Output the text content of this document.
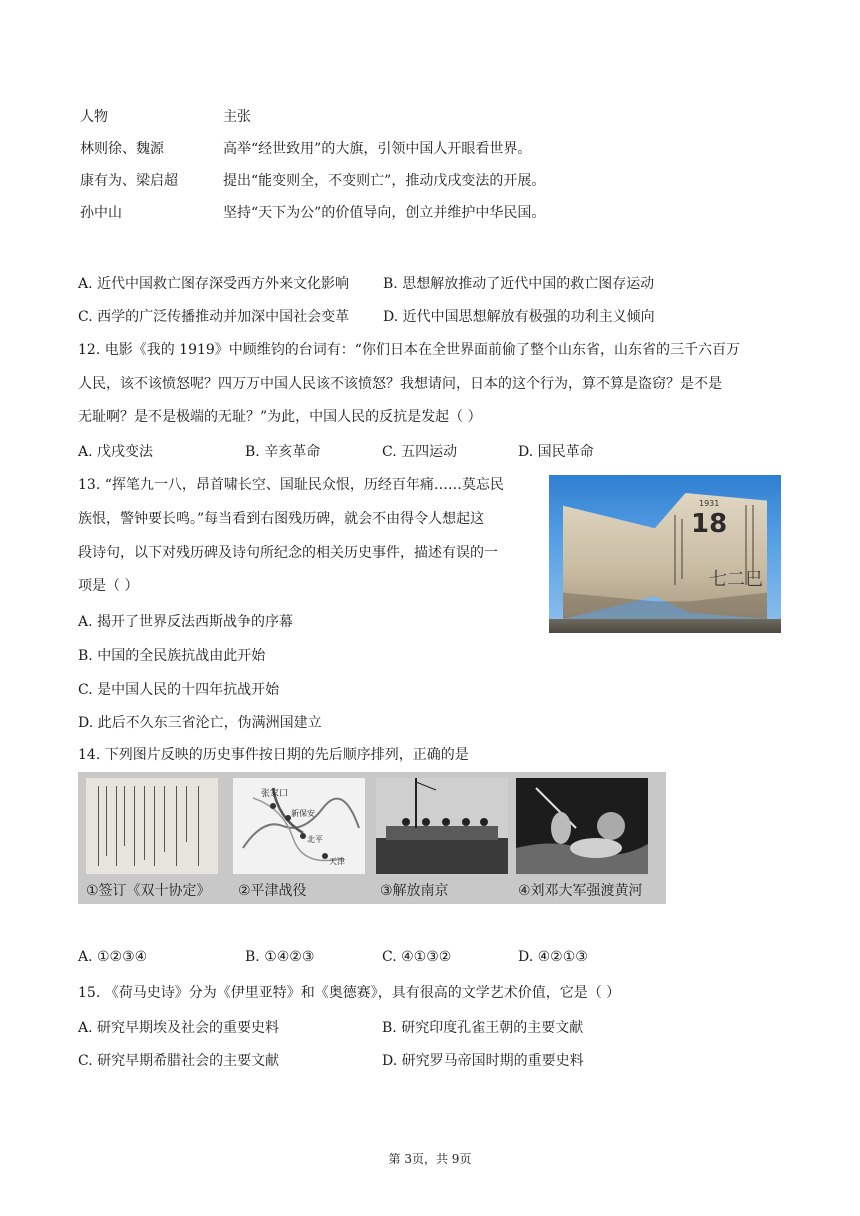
人物	主张
林则徐、魏源	高举“经世致用”的大旗，引领中国人开眼看世界。
康有为、梁启超	提出“能变则全，不变则亡”，推动戊戌变法的开展。
孙中山	坚持“天下为公”的价值导向，创立并维护中华民国。
A. 近代中国救亡图存深受西方外来文化影响 B. 思想解放推动了近代中国的救亡图存运动
C. 西学的广泛传播推动并加深中国社会变革 D. 近代中国思想解放有极强的功利主义倾向
12. 电影《我的 1919》中顾维钧的台词有：“你们日本在全世界面前偷了整个山东省，山东省的三千六百万
人民，该不该愤怒呢？四万万中国人民该不该愤怒？我想请问，日本的这个行为，算不算是盗窃？是不是
无耻啊？是不是极端的无耻？”为此，中国人民的反抗是发起（ ）
A. 戊戌变法	B. 辛亥革命	C. 五四运动	D. 国民革命
13. “挥笔九一八，昂首啸长空、国耻民众恨，历经百年痛……莫忘民
族恨，警钟要长鸣。”每当看到右图残历碑，就会不由得令人想起这
段诗句，以下对残历碑及诗句所纪念的相关历史事件，描述有误的一
项是（ ）
1931
18
七二巳
A. 揭开了世界反法西斯战争的序幕
B. 中国的全民族抗战由此开始
C. 是中国人民的十四年抗战开始
D. 此后不久东三省沦亡，伪满洲国建立
14. 下列图片反映的历史事件按日期的先后顺序排列，正确的是
张家口
新保安
北平
天津
①签订《双十协定》 ②平津战役	③解放南京	④刘邓大军强渡黄河
A. ①②③④	B. ①④②③	C. ④①③②	D. ④②①③
15. 《荷马史诗》分为《伊里亚特》和《奥德赛》，具有很高的文学艺术价值，它是（ ）
A. 研究早期埃及社会的重要史料	B. 研究印度孔雀王朝的主要文献
C. 研究早期希腊社会的主要文献	D. 研究罗马帝国时期的重要史料
第 3页，共 9页
